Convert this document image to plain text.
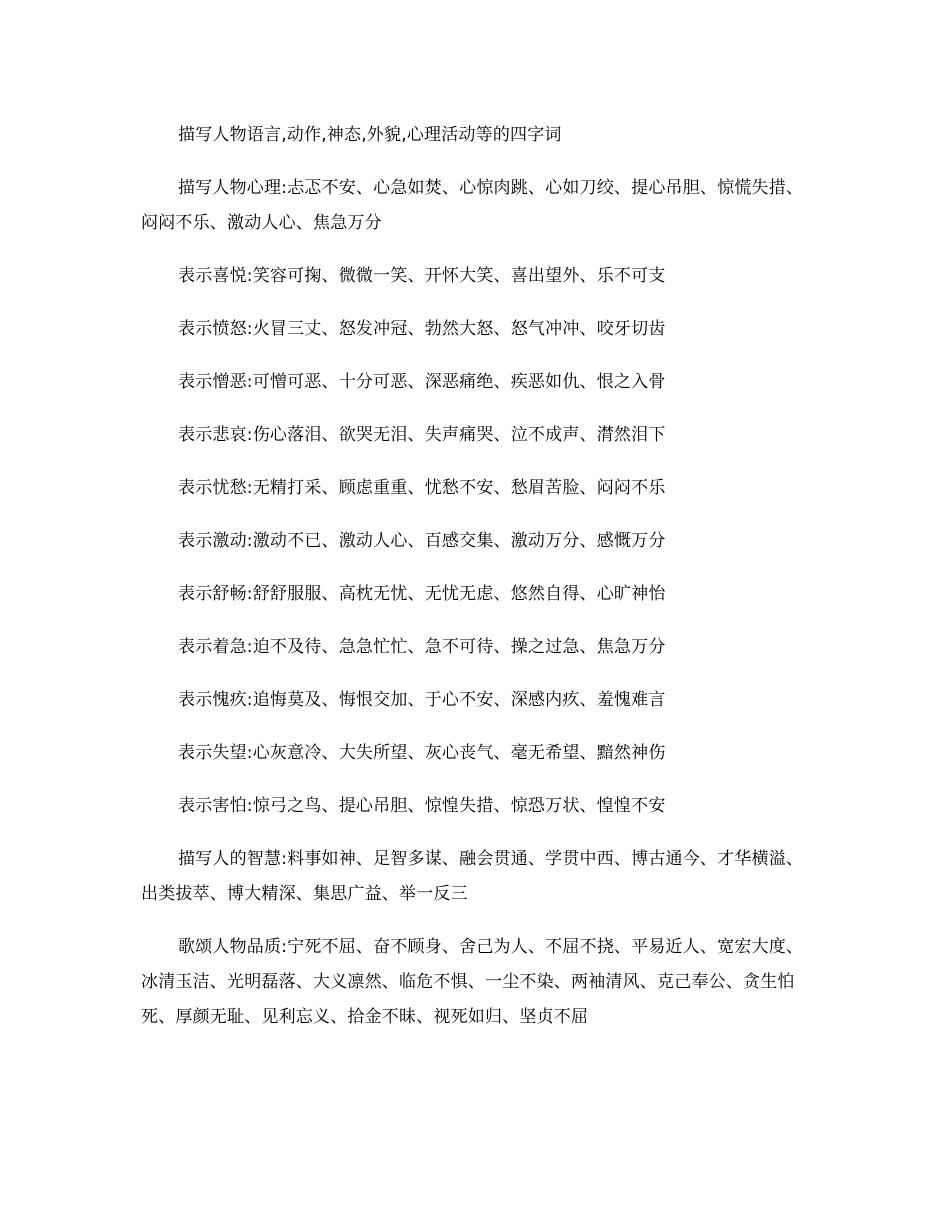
描写人物语言,动作,神态,外貌,心理活动等的四字词

描写人物心理:忐忑不安、心急如焚、心惊肉跳、心如刀绞、提心吊胆、惊慌失措、闷闷不乐、激动人心、焦急万分

表示喜悦:笑容可掬、微微一笑、开怀大笑、喜出望外、乐不可支

表示愤怒:火冒三丈、怒发冲冠、勃然大怒、怒气冲冲、咬牙切齿

表示憎恶:可憎可恶、十分可恶、深恶痛绝、疾恶如仇、恨之入骨

表示悲哀:伤心落泪、欲哭无泪、失声痛哭、泣不成声、潸然泪下

表示忧愁:无精打采、顾虑重重、忧愁不安、愁眉苦脸、闷闷不乐

表示激动:激动不已、激动人心、百感交集、激动万分、感慨万分

表示舒畅:舒舒服服、高枕无忧、无忧无虑、悠然自得、心旷神怡

表示着急:迫不及待、急急忙忙、急不可待、操之过急、焦急万分

表示愧疚:追悔莫及、悔恨交加、于心不安、深感内疚、羞愧难言

表示失望:心灰意冷、大失所望、灰心丧气、毫无希望、黯然神伤

表示害怕:惊弓之鸟、提心吊胆、惊惶失措、惊恐万状、惶惶不安

描写人的智慧:料事如神、足智多谋、融会贯通、学贯中西、博古通今、才华横溢、出类拔萃、博大精深、集思广益、举一反三

歌颂人物品质:宁死不屈、奋不顾身、舍己为人、不屈不挠、平易近人、宽宏大度、冰清玉洁、光明磊落、大义凛然、临危不惧、一尘不染、两袖清风、克己奉公、贪生怕死、厚颜无耻、见利忘义、拾金不昧、视死如归、坚贞不屈
